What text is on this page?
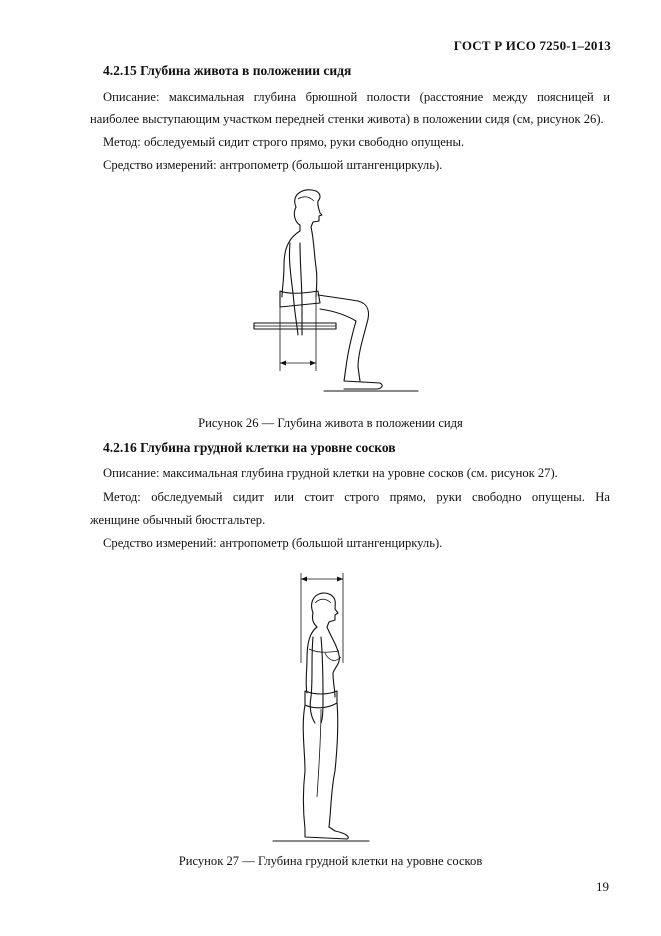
ГОСТ Р ИСО 7250-1–2013
4.2.15 Глубина живота в положении сидя
Описание: максимальная глубина брюшной полости (расстояние между поясницей и
наиболее выступающим участком передней стенки живота) в положении сидя (см, рисунок 26).
Метод: обследуемый сидит строго прямо, руки свободно опущены.
Средство измерений: антропометр (большой штангенциркуль).
Рисунок 26 — Глубина живота в положении сидя
4.2.16 Глубина грудной клетки на уровне сосков
Описание: максимальная глубина грудной клетки на уровне сосков (см. рисунок 27).
Метод: обследуемый сидит или стоит строго прямо, руки свободно опущены. На
женщине обычный бюстгальтер.
Средство измерений: антропометр (большой штангенциркуль).
Рисунок 27 — Глубина грудной клетки на уровне сосков
19
